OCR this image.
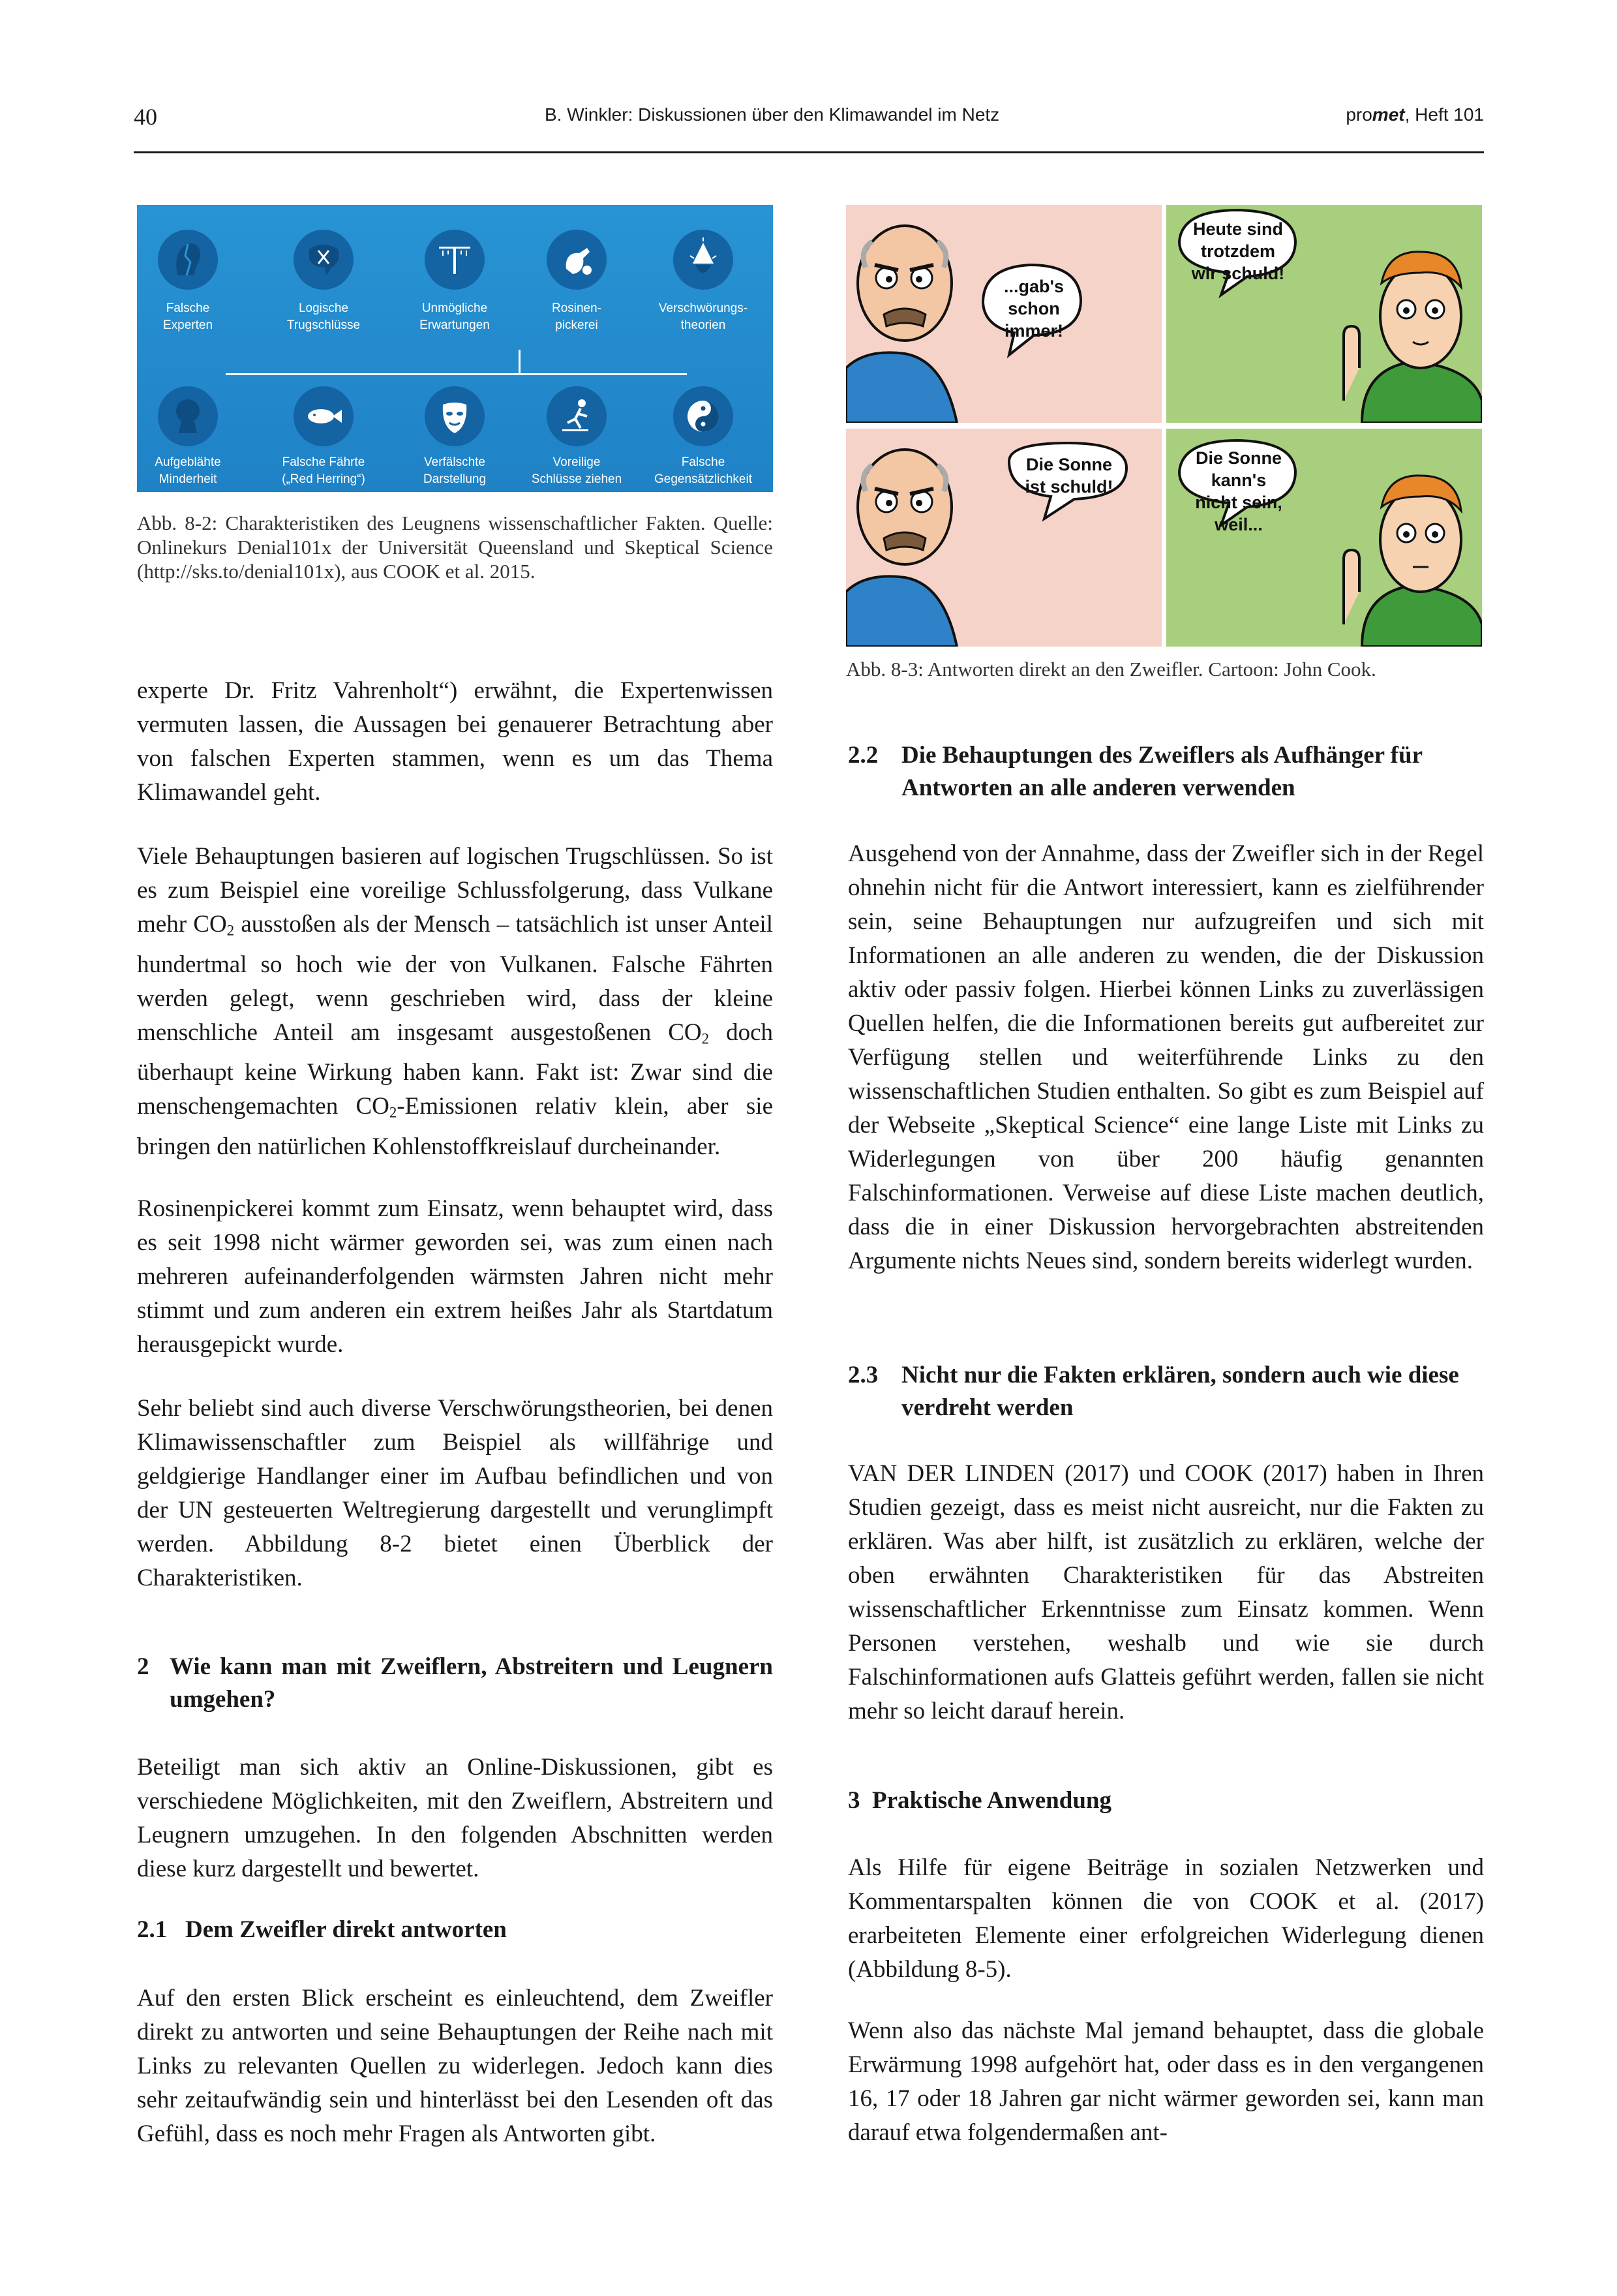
40	B. Winkler: Diskussionen über den Klimawandel im Netz	promet, Heft 101
Falsche
Experten
Logische
Trugschlüsse
Unmögliche
Erwartungen
Rosinen-
pickerei
Verschwörungs-
theorien
Aufgeblähte
Minderheit
Falsche Fährte
(„Red Herring“)
Verfälschte
Darstellung
Voreilige
Schlüsse ziehen
Falsche
Gegensätzlichkeit
Abb. 8-2: Charakteristiken des Leugnens wissenschaftlicher Fakten. Quelle: Onlinekurs Denial101x der Universität Queensland und Skeptical Science (http://sks.to/denial101x), aus COOK et al. 2015.
...gab's schon immer!
Heute sind trotzdem wir schuld!
Die Sonne ist schuld!
Die Sonne kann's nicht sein, weil...
Abb. 8-3: Antworten direkt an den Zweifler. Cartoon: John Cook.
experte Dr. Fritz Vahrenholt“) erwähnt, die Expertenwissen vermuten lassen, die Aussagen bei genauerer Betrachtung aber von falschen Experten stammen, wenn es um das Thema Klimawandel geht.
Viele Behauptungen basieren auf logischen Trugschlüssen. So ist es zum Beispiel eine voreilige Schlussfolgerung, dass Vulkane mehr $CO_2$ ausstoßen als der Mensch – tatsächlich ist unser Anteil hundertmal so hoch wie der von Vulkanen. Falsche Fährten werden gelegt, wenn geschrieben wird, dass der kleine menschliche Anteil am insgesamt ausgestoßenen $CO_2$ doch überhaupt keine Wirkung haben kann. Fakt ist: Zwar sind die menschengemachten $CO_2$-Emissionen relativ klein, aber sie bringen den natürlichen Kohlenstoffkreislauf durcheinander.
Rosinenpickerei kommt zum Einsatz, wenn behauptet wird, dass es seit 1998 nicht wärmer geworden sei, was zum einen nach mehreren aufeinanderfolgenden wärmsten Jahren nicht mehr stimmt und zum anderen ein extrem heißes Jahr als Startdatum herausgepickt wurde.
Sehr beliebt sind auch diverse Verschwörungstheorien, bei denen Klimawissenschaftler zum Beispiel als willfährige und geldgierige Handlanger einer im Aufbau befindlichen und von der UN gesteuerten Weltregierung dargestellt und verunglimpft werden. Abbildung 8-2 bietet einen Überblick der Charakteristiken.
2 Wie kann man mit Zweiflern, Abstreitern und Leugnern umgehen?
Beteiligt man sich aktiv an Online-Diskussionen, gibt es verschiedene Möglichkeiten, mit den Zweiflern, Abstreitern und Leugnern umzugehen. In den folgenden Abschnitten werden diese kurz dargestellt und bewertet.
2.1 Dem Zweifler direkt antworten
Auf den ersten Blick erscheint es einleuchtend, dem Zweifler direkt zu antworten und seine Behauptungen der Reihe nach mit Links zu relevanten Quellen zu widerlegen. Jedoch kann dies sehr zeitaufwändig sein und hinterlässt bei den Lesenden oft das Gefühl, dass es noch mehr Fragen als Antworten gibt.
2.2 Die Behauptungen des Zweiflers als Aufhänger für Antworten an alle anderen verwenden
Ausgehend von der Annahme, dass der Zweifler sich in der Regel ohnehin nicht für die Antwort interessiert, kann es zielführender sein, seine Behauptungen nur aufzugreifen und sich mit Informationen an alle anderen zu wenden, die der Diskussion aktiv oder passiv folgen. Hierbei können Links zu zuverlässigen Quellen helfen, die die Informationen bereits gut aufbereitet zur Verfügung stellen und weiterführende Links zu den wissenschaftlichen Studien enthalten. So gibt es zum Beispiel auf der Webseite „Skeptical Science“ eine lange Liste mit Links zu Widerlegungen von über 200 häufig genannten Falschinformationen. Verweise auf diese Liste machen deutlich, dass die in einer Diskussion hervorgebrachten abstreitenden Argumente nichts Neues sind, sondern bereits widerlegt wurden.
2.3 Nicht nur die Fakten erklären, sondern auch wie diese verdreht werden
VAN DER LINDEN (2017) und COOK (2017) haben in Ihren Studien gezeigt, dass es meist nicht ausreicht, nur die Fakten zu erklären. Was aber hilft, ist zusätzlich zu erklären, welche der oben erwähnten Charakteristiken für das Abstreiten wissenschaftlicher Erkenntnisse zum Einsatz kommen. Wenn Personen verstehen, weshalb und wie sie durch Falschinformationen aufs Glatteis geführt werden, fallen sie nicht mehr so leicht darauf herein.
3 Praktische Anwendung
Als Hilfe für eigene Beiträge in sozialen Netzwerken und Kommentarspalten können die von COOK et al. (2017) erarbeiteten Elemente einer erfolgreichen Widerlegung dienen (Abbildung 8-5).
Wenn also das nächste Mal jemand behauptet, dass die globale Erwärmung 1998 aufgehört hat, oder dass es in den vergangenen 16, 17 oder 18 Jahren gar nicht wärmer geworden sei, kann man darauf etwa folgendermaßen ant-
